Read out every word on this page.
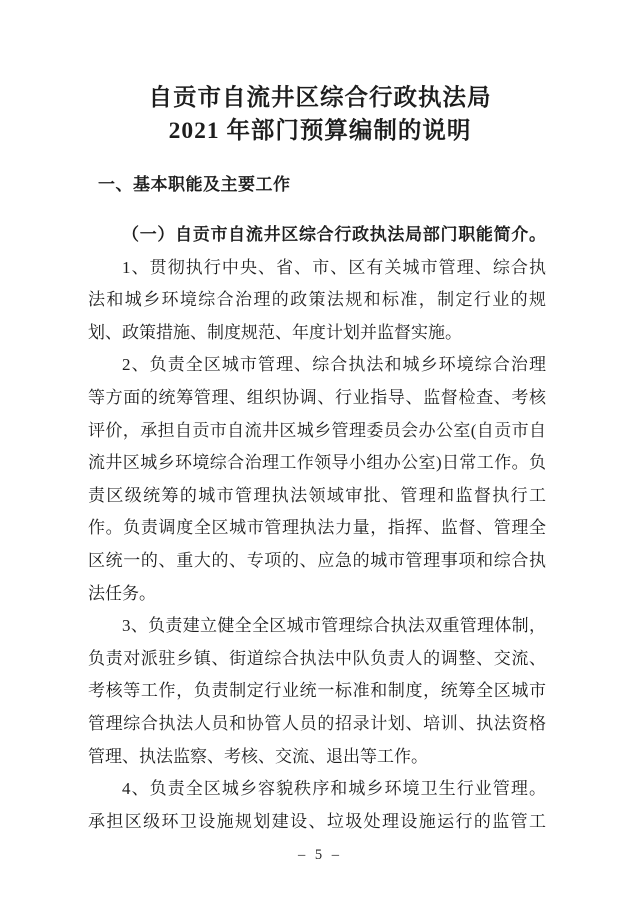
自贡市自流井区综合行政执法局
2021 年部门预算编制的说明
一、基本职能及主要工作
（一）自贡市自流井区综合行政执法局部门职能简介。
1、贯彻执行中央、省、市、区有关城市管理、综合执
法和城乡环境综合治理的政策法规和标准，制定行业的规
划、政策措施、制度规范、年度计划并监督实施。
2、负责全区城市管理、综合执法和城乡环境综合治理
等方面的统筹管理、组织协调、行业指导、监督检查、考核
评价，承担自贡市自流井区城乡管理委员会办公室(自贡市自
流井区城乡环境综合治理工作领导小组办公室)日常工作。负
责区级统筹的城市管理执法领域审批、管理和监督执行工
作。负责调度全区城市管理执法力量，指挥、监督、管理全
区统一的、重大的、专项的、应急的城市管理事项和综合执
法任务。
3、负责建立健全全区城市管理综合执法双重管理体制，
负责对派驻乡镇、街道综合执法中队负责人的调整、交流、
考核等工作，负责制定行业统一标准和制度，统筹全区城市
管理综合执法人员和协管人员的招录计划、培训、执法资格
管理、执法监察、考核、交流、退出等工作。
4、负责全区城乡容貌秩序和城乡环境卫生行业管理。
承担区级环卫设施规划建设、垃圾处理设施运行的监管工
– 5 –
